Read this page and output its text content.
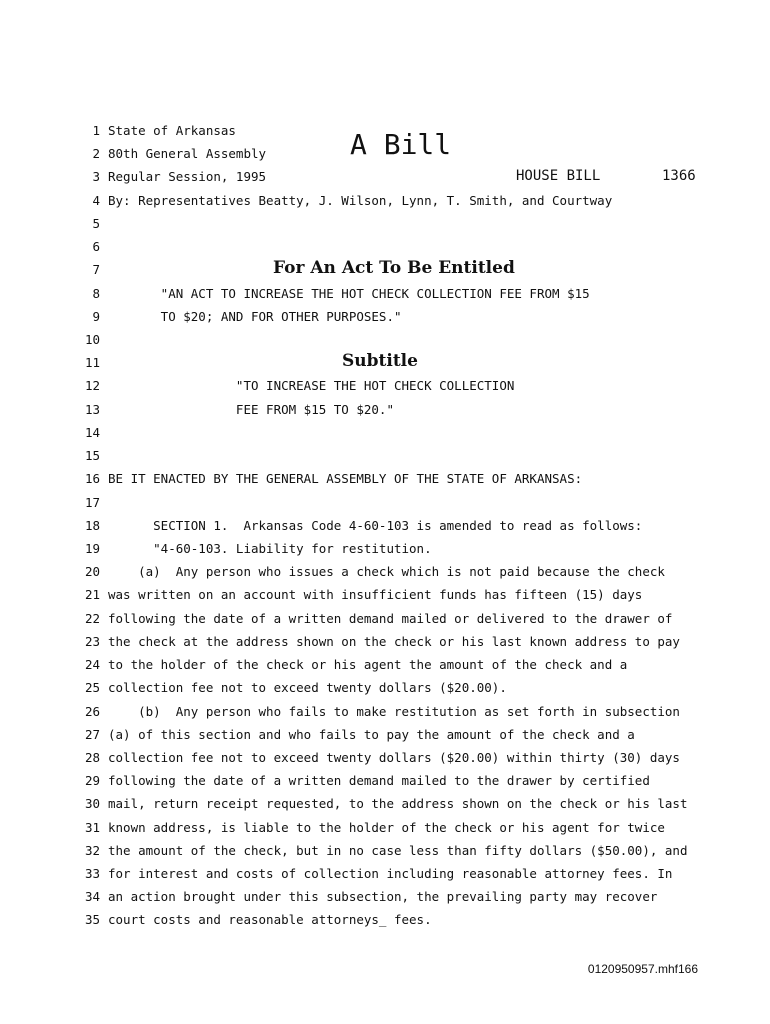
A Bill
HOUSE BILL	1366
For An Act To Be Entitled
Subtitle
1 State of Arkansas
2 80th General Assembly
3 Regular Session, 1995
4 By: Representatives Beatty, J. Wilson, Lynn, T. Smith, and Courtway
5
6
7
8 "AN ACT TO INCREASE THE HOT CHECK COLLECTION FEE FROM $15
9 TO $20; AND FOR OTHER PURPOSES."
10
11
12 "TO INCREASE THE HOT CHECK COLLECTION
13 FEE FROM $15 TO $20."
14
15
16 BE IT ENACTED BY THE GENERAL ASSEMBLY OF THE STATE OF ARKANSAS:
17
18 SECTION 1.  Arkansas Code 4-60-103 is amended to read as follows:
19 "4-60-103. Liability for restitution.
20 (a)  Any person who issues a check which is not paid because the check
21 was written on an account with insufficient funds has fifteen (15) days
22 following the date of a written demand mailed or delivered to the drawer of
23 the check at the address shown on the check or his last known address to pay
24 to the holder of the check or his agent the amount of the check and a
25 collection fee not to exceed twenty dollars ($20.00).
26 (b)  Any person who fails to make restitution as set forth in subsection
27 (a) of this section and who fails to pay the amount of the check and a
28 collection fee not to exceed twenty dollars ($20.00) within thirty (30) days
29 following the date of a written demand mailed to the drawer by certified
30 mail, return receipt requested, to the address shown on the check or his last
31 known address, is liable to the holder of the check or his agent for twice
32 the amount of the check, but in no case less than fifty dollars ($50.00), and
33 for interest and costs of collection including reasonable attorney fees. In
34 an action brought under this subsection, the prevailing party may recover
35 court costs and reasonable attorneys_ fees.
0120950957.mhf166
